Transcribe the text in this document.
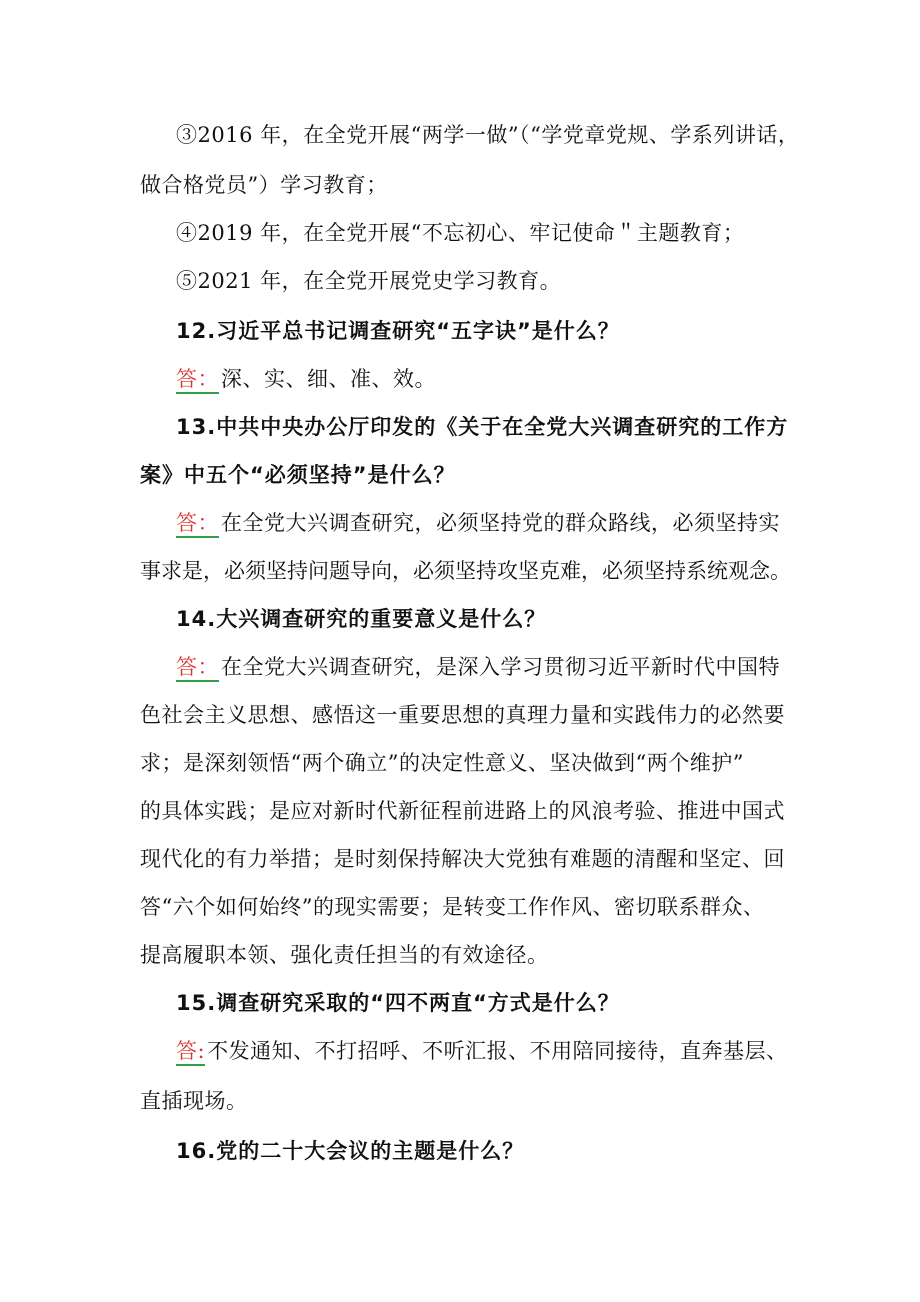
③2016 年，在全党开展“两学一做”（“学党章党规、学系列讲话，
做合格党员”）学习教育；
④2019 年，在全党开展“不忘初心、牢记使命＂主题教育；
⑤2021 年，在全党开展党史学习教育。
12.习近平总书记调查研究“五字诀”是什么？
答：深、实、细、准、效。
13.中共中央办公厅印发的《关于在全党大兴调查研究的工作方
案》中五个“必须坚持”是什么？
答：在全党大兴调查研究，必须坚持党的群众路线，必须坚持实
事求是，必须坚持问题导向，必须坚持攻坚克难，必须坚持系统观念。
14.大兴调查研究的重要意义是什么？
答：在全党大兴调查研究，是深入学习贯彻习近平新时代中国特
色社会主义思想、感悟这一重要思想的真理力量和实践伟力的必然要
求；是深刻领悟“两个确立”的决定性意义、坚决做到“两个维护”
的具体实践；是应对新时代新征程前进路上的风浪考验、推进中国式
现代化的有力举措；是时刻保持解决大党独有难题的清醒和坚定、回
答“六个如何始终”的现实需要；是转变工作作风、密切联系群众、
提高履职本领、强化责任担当的有效途径。
15.调查研究采取的“四不两直“方式是什么？
答:不发通知、不打招呼、不听汇报、不用陪同接待，直奔基层、
直插现场。
16.党的二十大会议的主题是什么？
